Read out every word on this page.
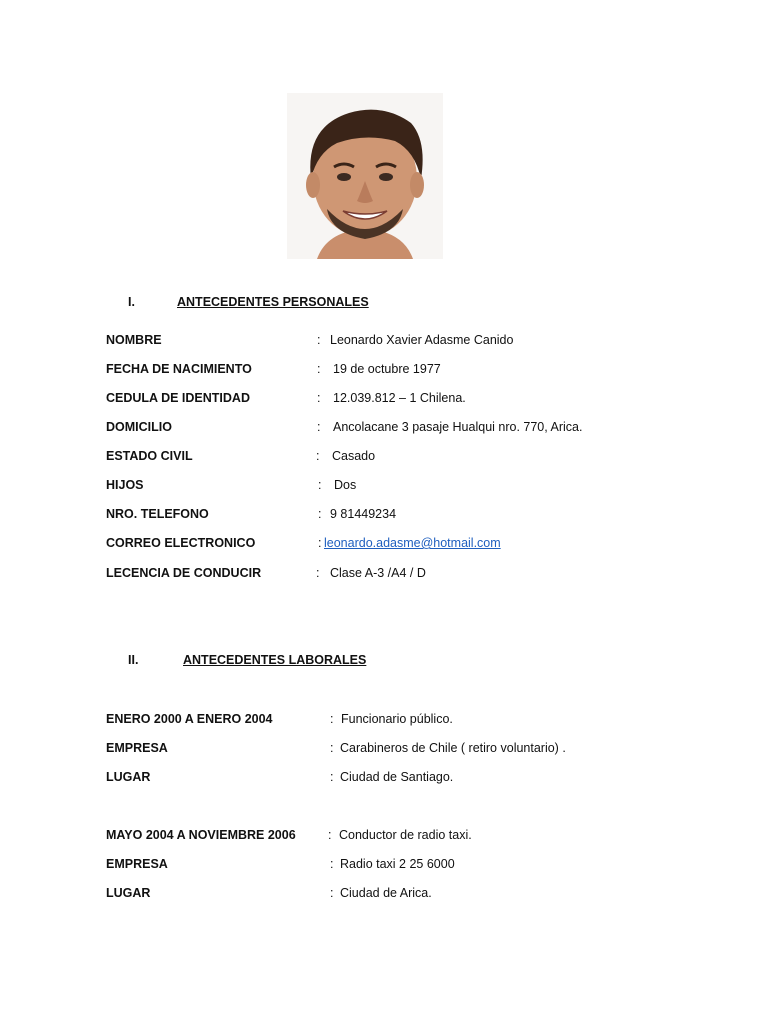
I.	ANTECEDENTES PERSONALES
NOMBRE	: Leonardo Xavier Adasme Canido
FECHA DE NACIMIENTO	: 19 de octubre 1977
CEDULA DE IDENTIDAD	: 12.039.812 – 1 Chilena.
DOMICILIO	: Ancolacane 3 pasaje Hualqui nro. 770, Arica.
ESTADO CIVIL	: Casado
HIJOS	: Dos
NRO. TELEFONO	: 9 81449234
CORREO ELECTRONICO	: leonardo.adasme@hotmail.com
LECENCIA DE CONDUCIR	: Clase A-3 /A4 / D
II.	ANTECEDENTES LABORALES
ENERO 2000 A ENERO 2004	: Funcionario público.
EMPRESA	: Carabineros de Chile ( retiro voluntario) .
LUGAR	: Ciudad de Santiago.
MAYO 2004 A NOVIEMBRE 2006	: Conductor de radio taxi.
EMPRESA	: Radio taxi 2 25 6000
LUGAR	: Ciudad de Arica.
